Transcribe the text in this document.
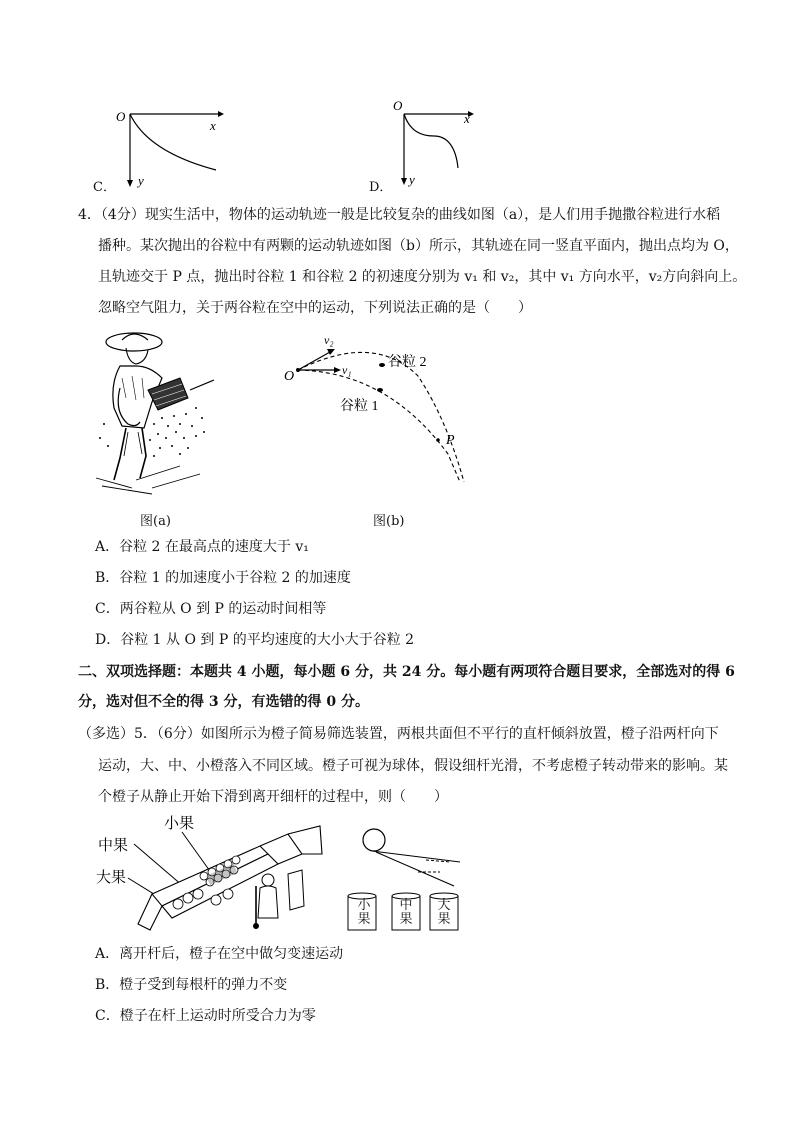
O
x
y
C．
O
x
y
D．
4．（4分）现实生活中，物体的运动轨迹一般是比较复杂的曲线如图（a），是人们用手抛撒谷粒进行水稻
播种。某次抛出的谷粒中有两颗的运动轨迹如图（b）所示，其轨迹在同一竖直平面内，抛出点均为 O，
且轨迹交于 P 点，抛出时谷粒 1 和谷粒 2 的初速度分别为 v₁ 和 v₂，其中 v₁ 方向水平，v₂方向斜向上。
忽略空气阻力，关于两谷粒在空中的运动，下列说法正确的是（　　）
图(a)
O	v₁
v₂
谷粒 2
谷粒 1
P
图(b)
A．谷粒 2 在最高点的速度大于 v₁
B．谷粒 1 的加速度小于谷粒 2 的加速度
C．两谷粒从 O 到 P 的运动时间相等
D．谷粒 1 从 O 到 P 的平均速度的大小大于谷粒 2
二、双项选择题：本题共 4 小题，每小题 6 分，共 24 分。每小题有两项符合题目要求，全部选对的得 6
分，选对但不全的得 3 分，有选错的得 0 分。
（多选）5．（6分）如图所示为橙子简易筛选装置，两根共面但不平行的直杆倾斜放置，橙子沿两杆向下
运动，大、中、小橙落入不同区域。橙子可视为球体，假设细杆光滑，不考虑橙子转动带来的影响。某
个橙子从静止开始下滑到离开细杆的过程中，则（　　）
小果
中果
大果
小果
中果
大果
A．离开杆后，橙子在空中做匀变速运动
B．橙子受到每根杆的弹力不变
C．橙子在杆上运动时所受合力为零
